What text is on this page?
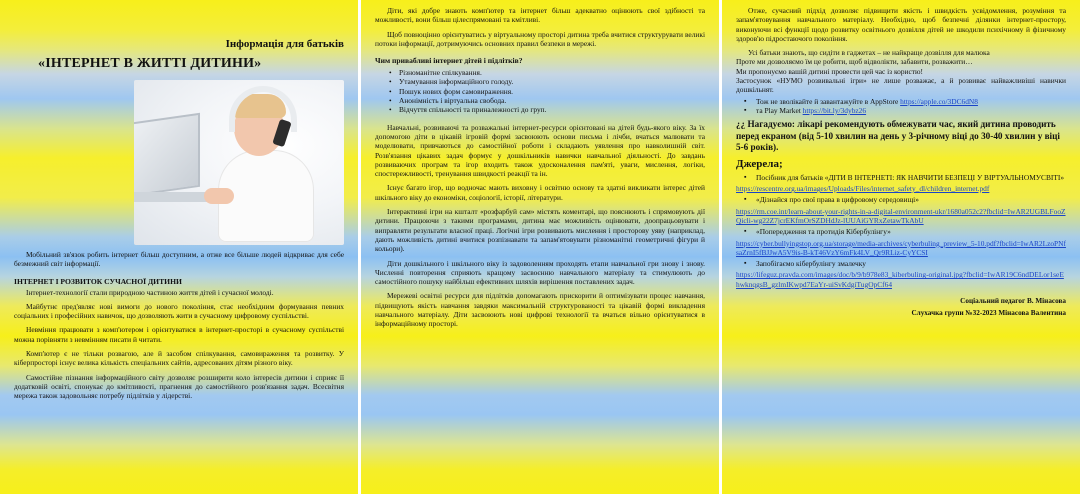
Інформація для батьків

«ІНТЕРНЕТ В ЖИТТІ ДИТИНИ»

Мобільний зв'язок робить інтернет більш доступним, а отже все більше людей відкриває для себе безмежний світ інформації.

ІНТЕРНЕТ І РОЗВИТОК СУЧАСНОЇ ДИТИНИ

Інтернет-технології стали природною частиною життя дітей і сучасної молоді.

Майбутнє пред'являє нові вимоги до нового покоління, стає необхідним формування певних соціальних і професійних навичок, що дозволяють жити в сучасному цифровому суспільстві.

Невміння працювати з комп'ютером і орієнтуватися в інтернет-просторі в сучасному суспільстві можна порівняти з невмінням писати й читати.

Комп'ютер є не тільки розвагою, але й засобом спілкування, самовираження та розвитку. У кіберпросторі існує велика кількість спеціальних сайтів, адресованих дітям різного віку.

Самостійне пізнання інформаційного світу дозволяє розширити коло інтересів дитини і сприяє її додатковій освіті, спонукає до кмітливості, прагнення до самостійного розв'язання задач. Всесвітня мережа також задовольняє потребу підлітків у лідерстві.

Діти, які добре знають комп'ютер та інтернет більш адекватно оцінюють свої здібності та можливості, вони більш цілеспрямовані та кмітливі.

Щоб повноцінно орієнтуватись у віртуальному просторі дитина треба вчитися структурувати великі потоки інформації, дотримуючись основних правил безпеки в мережі.

Чим привабливі інтернет дітей і підлітків?

• Різноманітне спілкування.
• Утамування інформаційного голоду.
• Пошук нових форм самовираження.
• Анонімність і віртуальна свобода.
• Відчуття спільності та приналежності до груп.

Навчальні, розвиваючі та розважальні інтернет-ресурси орієнтовані на дітей будь-якого віку. За їх допомогою діти в цікавій ігровій формі засвоюють основи письма і лічби, вчаться малювати та моделювати, привчаються до самостійної роботи і складають уявлення про навколишній світ. Розв'язання цікавих задач формує у дошкільників навички навчальної діяльності. До завдань розвиваючих програм та ігор входить також удосконалення пам'яті, уваги, мислення, логіки, спостережливості, тренування швидкості реакції та ін.

Існує багато ігор, що водночас мають виховну і освітню основу та здатні викликати інтерес дітей шкільного віку до економіки, соціології, історії, літератури.

Інтерактивні ігри на кшталт «розфарбуй сам» містять коментарі, що пояснюють і спрямовують дії дитини. Працюючи з такими програмами, дитина має можливість оцінювати, доопрацьовувати і виправляти результати власної праці. Логічні ігри розвивають мислення і просторову уяву (наприклад, дають можливість дитині вчитися розпізнавати та запам'ятовувати різноманітні геометричні фігури й кольори).

Діти дошкільного і шкільного віку із задоволенням проходять етапи навчальної гри знову і знову. Численні повторення сприяють кращому засвоєнню навчального матеріалу та стимулюють до самостійного пошуку найбільш ефективних шляхів вирішення поставлених задач.

Мережеві освітні ресурси для підлітків допомагають прискорити й оптимізувати процес навчання, підвищують якість навчання завдяки максимальній структурованості та цікавій формі викладення навчального матеріалу. Діти засвоюють нові цифрові технології та вчаться вільно орієнтуватися в інформаційному просторі.

Отже, сучасний підхід дозволяє підвищити якість і швидкість усвідомлення, розуміння та запам'ятовування навчального матеріалу. Необхідно, щоб безпечні ділянки інтернет-простору, виконуючи всі функції щодо розвитку освітнього дозвілля дітей не шкодили психічному й фізичному здоров'ю підростаючого покоління.

Усі батьки знають, що сидіти в гаджетах – не найкраще дозвілля для малюка

Проте ми дозволяємо їм це робити, щоб відволікти, забавити, розважити…

Ми пропонуємо вашій дитині провести цей час із користю!

Застосунок «НУМО розвивальні ігри» не лише розважає, а й розвиває найважливіші навички дошкільнят.

▪ Тож не зволікайте й завантажуйте в AppStore https://apple.co/3DC6dN8
▪ та Play Market https://bit.ly/3dybz26

¿¿ Нагадуємо: лікарі рекомендують обмежувати час, який дитина проводить перед екраном (від 5-10 хвилин на день у 3-річному віці до 30-40 хвилин у віці 5-6 років).

Джерела;

▪ Посібник для батьків «ДІТИ В ІНТЕРНЕТІ: ЯК НАВЧИТИ БЕЗПЕЦІ У ВІРТУАЛЬНОМУСВІТІ»

https://rescentre.org.ua/images/Uploads/Files/internet_safety_dl/children_internet.pdf

▪ «Дізнайся про свої права в цифровому середовищі»

https://rm.coe.int/learn-about-your-rights-in-a-digital-environment-ukr/1680a052c2?fbclid=IwAR2UGBLFooZQicli-wg22Z7jcrEKfmOrSZDHdJz-lUUAiGYRxZetawTkAbU

▪ «Попередження та протидія Кібербулінгу»

https://cyber.bullyingstop.org.ua/storage/media-archives/cyberbuling_preview_5-10.pdf?fbclid=IwAR2LzoPNfsaZrnI5fBJJwA5V9is-B-kT46VzY6mFk4LV_Qr9RLiz-CyYCSI

▪ Запобігаємо кібербулінгу змалечку

https://lifeguz.pravda.com/images/doc/b/9/b978e83_kiberbuling-original.jpg?fbclid=IwAR19C6ndDELor1seEhwknqgsB_gzlmIKwpd7EaYr-uiSvKdgiTugOpCf64

Соціальний педагог В. Мінасова

Слухачка групи №32-2023 Мінасова Валентина
